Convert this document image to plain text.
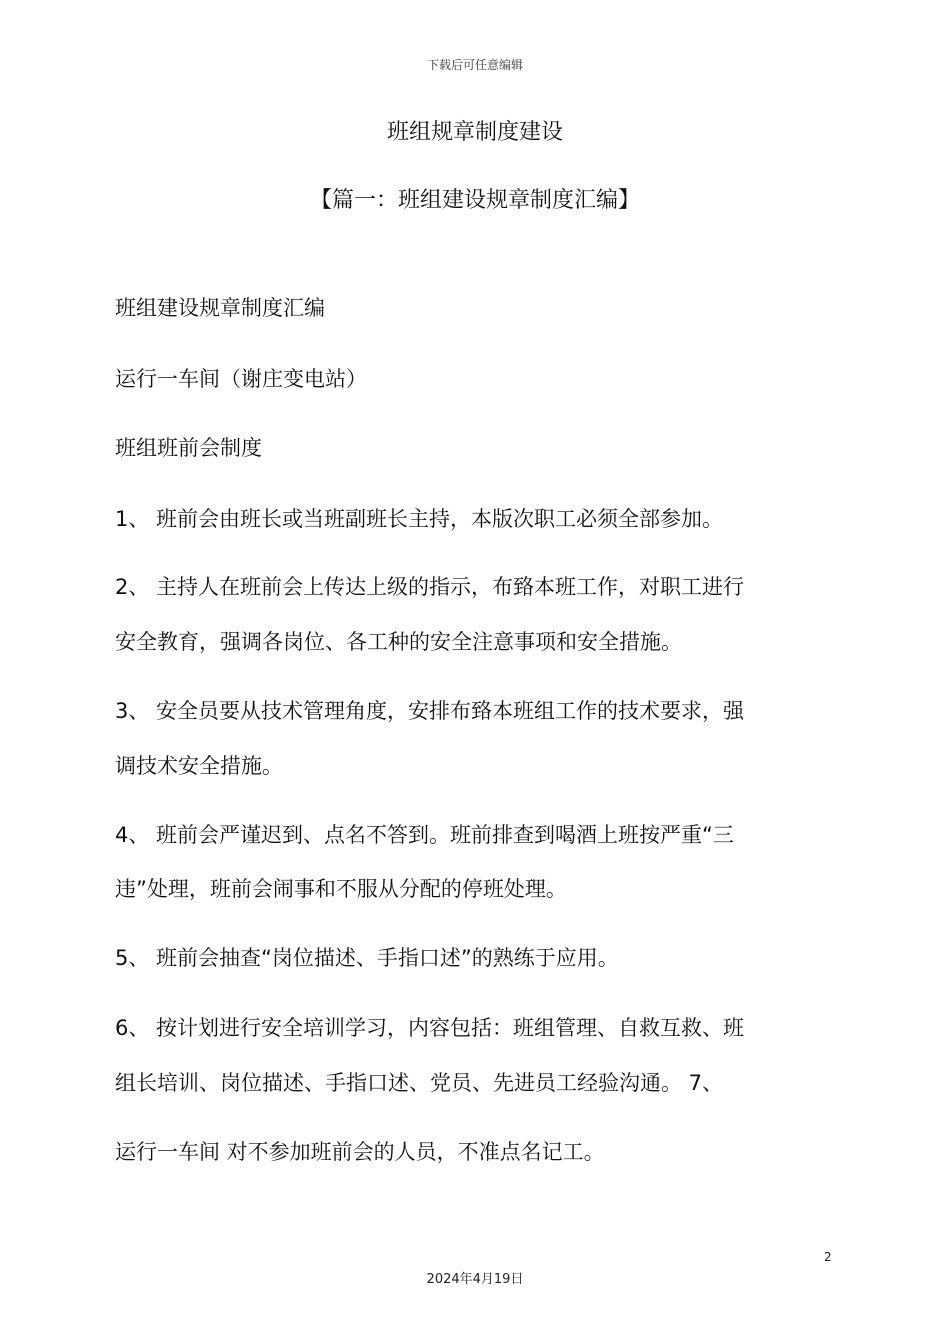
下载后可任意编辑
班组规章制度建设
【篇一：班组建设规章制度汇编】
班组建设规章制度汇编
运行一车间（谢庄变电站）
班组班前会制度
1、 班前会由班长或当班副班长主持，本版次职工必须全部参加。
2、 主持人在班前会上传达上级的指示，布臵本班工作，对职工进行
安全教育，强调各岗位、各工种的安全注意事项和安全措施。
3、 安全员要从技术管理角度，安排布臵本班组工作的技术要求，强
调技术安全措施。
4、 班前会严谨迟到、点名不答到。班前排查到喝酒上班按严重“三
违”处理，班前会闹事和不服从分配的停班处理。
5、 班前会抽查“岗位描述、手指口述”的熟练于应用。
6、 按计划进行安全培训学习，内容包括：班组管理、自救互救、班
组长培训、岗位描述、手指口述、党员、先进员工经验沟通。 7、
运行一车间 对不参加班前会的人员，不准点名记工。
2
2024年4月19日
